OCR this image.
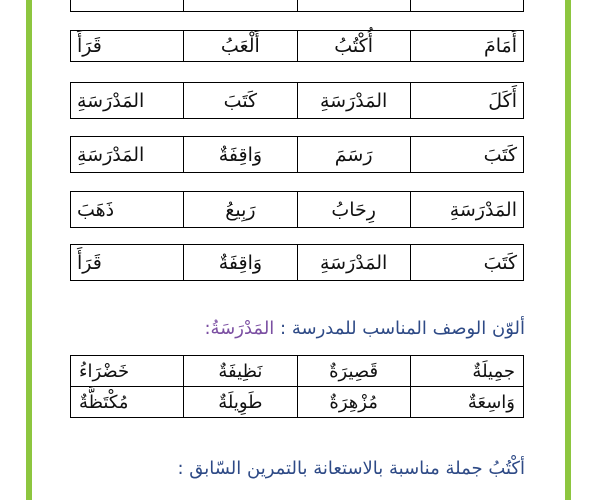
أَمَامَ	أُكْتُبُ	أَلْعَبُ	قَرَأَ
أَكَلَ	المَدْرَسَةِ	كَتَبَ	المَدْرَسَةِ
كَتَبَ	رَسَمَ	وَاقِفَةٌ	المَدْرَسَةِ
المَدْرَسَةِ	رِحَابُ	رَبِيعُ	ذَهَبَ
كَتَبَ	المَدْرَسَةِ	وَاقِفَةٌ	قَرَأَ
ألوّن الوصف المناسب للمدرسة : المَدْرَسَةُ:
جمِيلَةٌ	قَصِيرَةٌ	نَظِيفَةٌ	خَضْرَاءُ
وَاسِعَةٌ	مُزْهِرَةٌ	طَوِيلَةٌ	مُكْتَظَّةٌ
أكْتُبُ جملة مناسبة بالاستعانة بالتمرين السّابق :
